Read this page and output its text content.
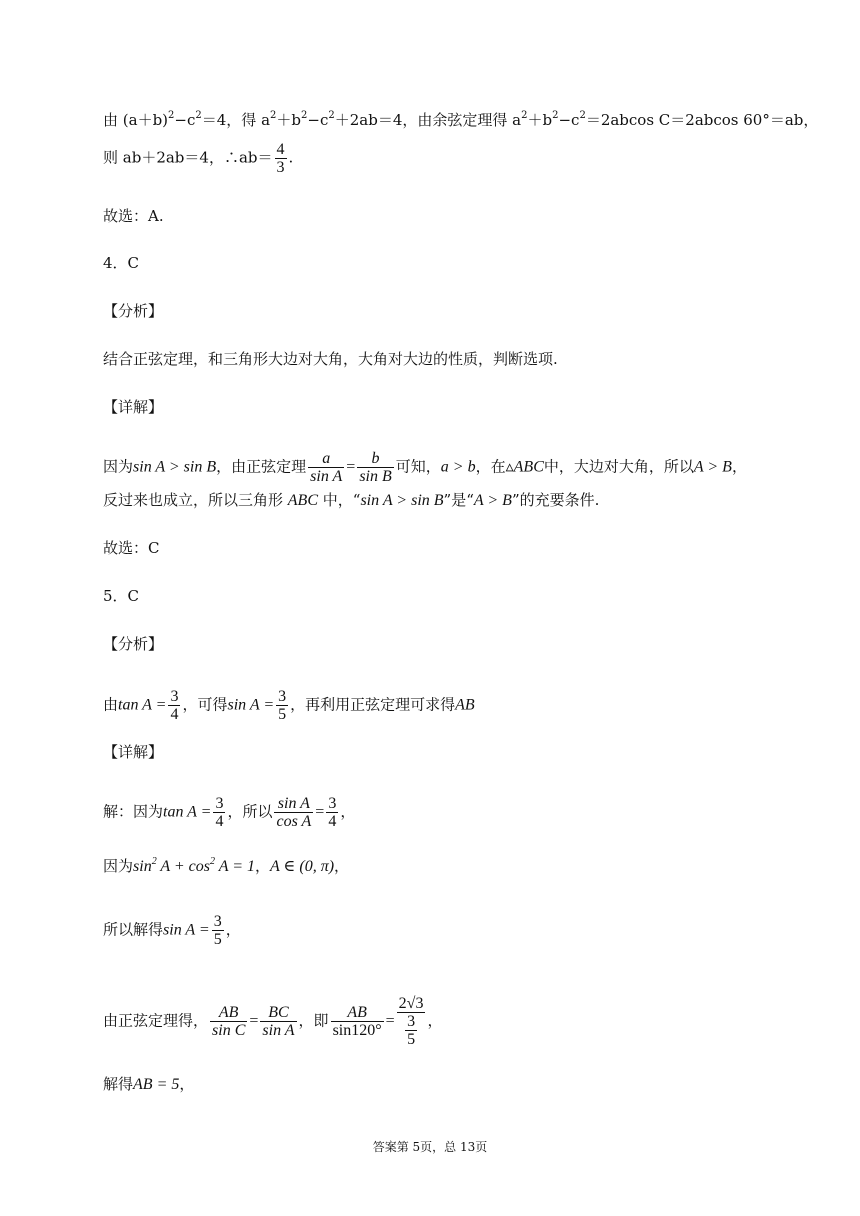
由 $(a+b)^2-c^2=4$，得 $a^2+b^2-c^2+2ab=4$，由余弦定理得 $a^2+b^2-c^2=2abcos$ C＝2abcos 60°＝ab，
则 ab＋2ab＝4，∴ab＝ $\frac{4}{3}$ .
故选：A.
4．C
【分析】
结合正弦定理，和三角形大边对大角，大角对大边的性质，判断选项.
【详解】
因为sin A > sin B，由正弦定理 $\frac{a}{\text{sin A}} = \frac{b}{\text{sin B}}$ 可知，a > b，在▵ABC中，大边对大角，所以A > B，
反过来也成立，所以三角形 ABC 中，“sin A > sin B”是“A > B”的充要条件.
故选：C
5．C
【分析】
由$\tan A = \frac{3}{4}$ ，可得$\sin A = \frac{3}{5}$ ，再利用正弦定理可求得AB
【详解】
解：因为$\tan A = \frac{3}{4}$ ，所以 $\frac{\text{sin A}}{\text{cos A}} = \frac{3}{4}$ ，
因为$\sin^2 A + \cos^2 A = 1$，A ∈ (0, π)，
所以解得$\sin A = \frac{3}{5}$ ，
由正弦定理得， $\frac{AB}{\text{sin C}} = \frac{BC}{\text{sin A}}$ ，即 $\frac{AB}{\sin 120^\circ} = \frac{2√3}{\frac{3}{5}}$ ，
解得AB = 5，
答案第 5页，总 13页
